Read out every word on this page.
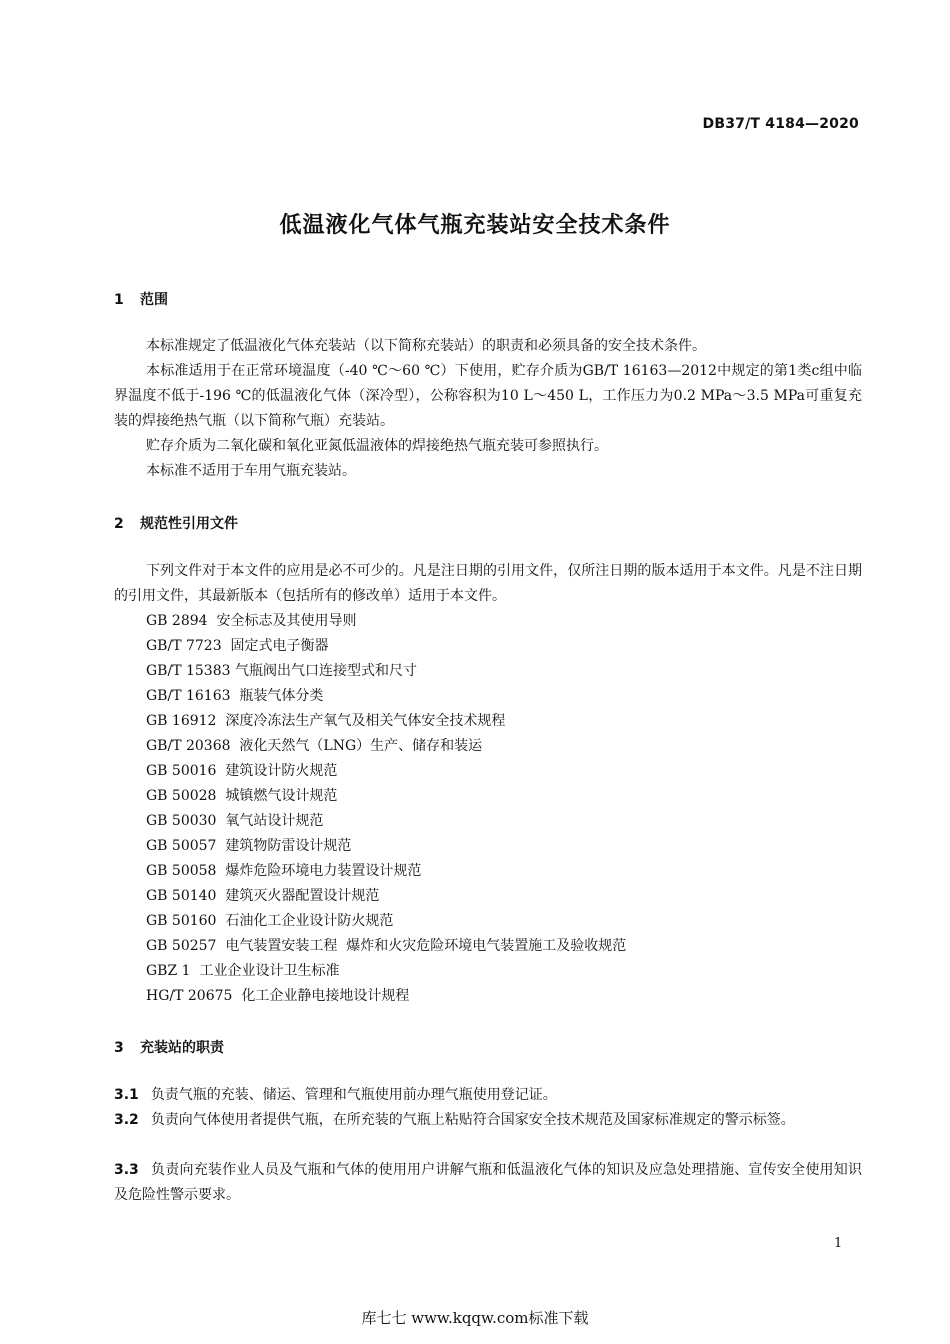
DB37/T 4184—2020
低温液化气体气瓶充装站安全技术条件
1 范围
本标准规定了低温液化气体充装站（以下简称充装站）的职责和必须具备的安全技术条件。
本标准适用于在正常环境温度（-40 ℃～60 ℃）下使用，贮存介质为GB/T 16163—2012中规定的第1类c组中临界温度不低于-196 ℃的低温液化气体（深冷型），公称容积为10 L～450 L，工作压力为0.2 MPa～3.5 MPa可重复充装的焊接绝热气瓶（以下简称气瓶）充装站。
贮存介质为二氧化碳和氧化亚氮低温液体的焊接绝热气瓶充装可参照执行。
本标准不适用于车用气瓶充装站。
2 规范性引用文件
下列文件对于本文件的应用是必不可少的。凡是注日期的引用文件，仅所注日期的版本适用于本文件。凡是不注日期的引用文件，其最新版本（包括所有的修改单）适用于本文件。
GB 2894  安全标志及其使用导则
GB/T 7723  固定式电子衡器
GB/T 15383 气瓶阀出气口连接型式和尺寸
GB/T 16163  瓶装气体分类
GB 16912  深度冷冻法生产氧气及相关气体安全技术规程
GB/T 20368  液化天然气（LNG）生产、储存和装运
GB 50016  建筑设计防火规范
GB 50028  城镇燃气设计规范
GB 50030  氧气站设计规范
GB 50057  建筑物防雷设计规范
GB 50058  爆炸危险环境电力装置设计规范
GB 50140  建筑灭火器配置设计规范
GB 50160  石油化工企业设计防火规范
GB 50257  电气装置安装工程  爆炸和火灾危险环境电气装置施工及验收规范
GBZ 1  工业企业设计卫生标准
HG/T 20675  化工企业静电接地设计规程
3 充装站的职责
3.1 负责气瓶的充装、储运、管理和气瓶使用前办理气瓶使用登记证。
3.2 负责向气体使用者提供气瓶，在所充装的气瓶上粘贴符合国家安全技术规范及国家标准规定的警示标签。
3.3 负责向充装作业人员及气瓶和气体的使用用户讲解气瓶和低温液化气体的知识及应急处理措施、宣传安全使用知识及危险性警示要求。
1
库七七 www.kqqw.com标准下载
